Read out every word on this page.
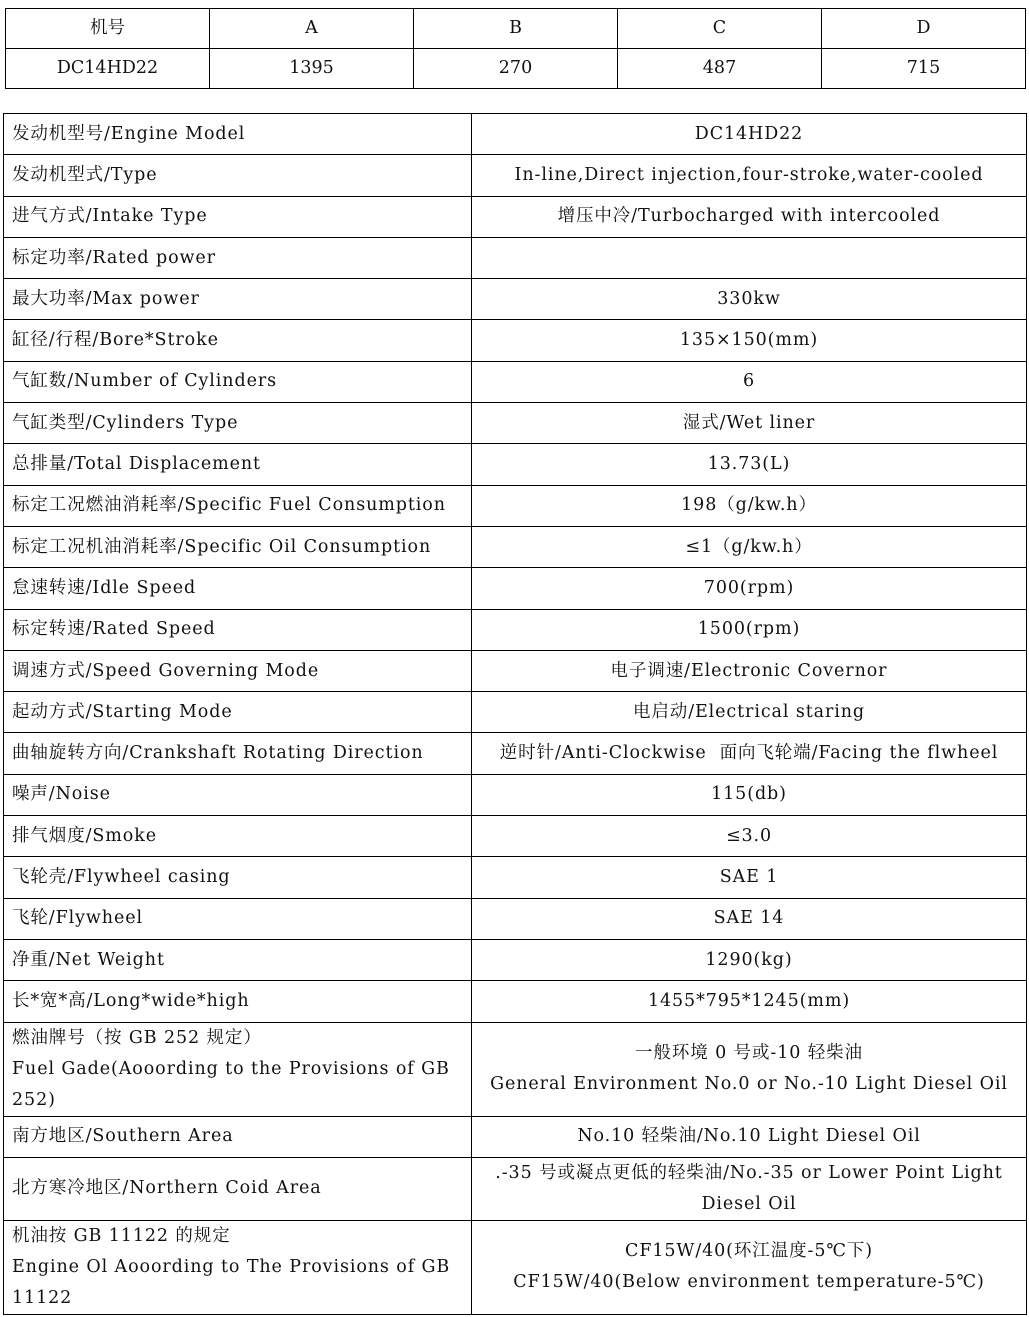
机号	A	B	C	D
DC14HD22	1395	270	487	715
发动机型号/Engine Model	DC14HD22
发动机型式/Type	In-line,Direct injection,four-stroke,water-cooled
进气方式/Intake Type	增压中冷/Turbocharged with intercooled
标定功率/Rated power	
最大功率/Max power	330kw
缸径/行程/Bore*Stroke	135×150(mm)
气缸数/Number of Cylinders	6
气缸类型/Cylinders Type	湿式/Wet liner
总排量/Total Displacement	13.73(L)
标定工况燃油消耗率/Specific Fuel Consumption	198（g/kw.h）
标定工况机油消耗率/Specific Oil Consumption	≤1（g/kw.h）
怠速转速/Idle Speed	700(rpm)
标定转速/Rated Speed	1500(rpm)
调速方式/Speed Governing Mode	电子调速/Electronic Covernor
起动方式/Starting Mode	电启动/Electrical staring
曲轴旋转方向/Crankshaft Rotating Direction	逆时针/Anti-Clockwise  面向飞轮端/Facing the flwheel
噪声/Noise	115(db)
排气烟度/Smoke	≤3.0
飞轮壳/Flywheel casing	SAE 1
飞轮/Flywheel	SAE 14
净重/Net Weight	1290(kg)
长*宽*高/Long*wide*high	1455*795*1245(mm)

燃油牌号（按 GB 252 规定）
Fuel Gade(Aooording to the Provisions of GB 252)	一般环境 0 号或-10 轻柴油
General Environment No.0 or No.-10 Light Diesel Oil

南方地区/Southern Area	No.10 轻柴油/No.10 Light Diesel Oil
北方寒冷地区/Northern Coid Area	.-35 号或凝点更低的轻柴油/No.-35 or Lower Point Light Diesel Oil

机油按 GB 11122 的规定
Engine Ol Aooording to The Provisions of GB 11122	CF15W/40(环江温度-5℃下)
CF15W/40(Below environment temperature-5℃)
